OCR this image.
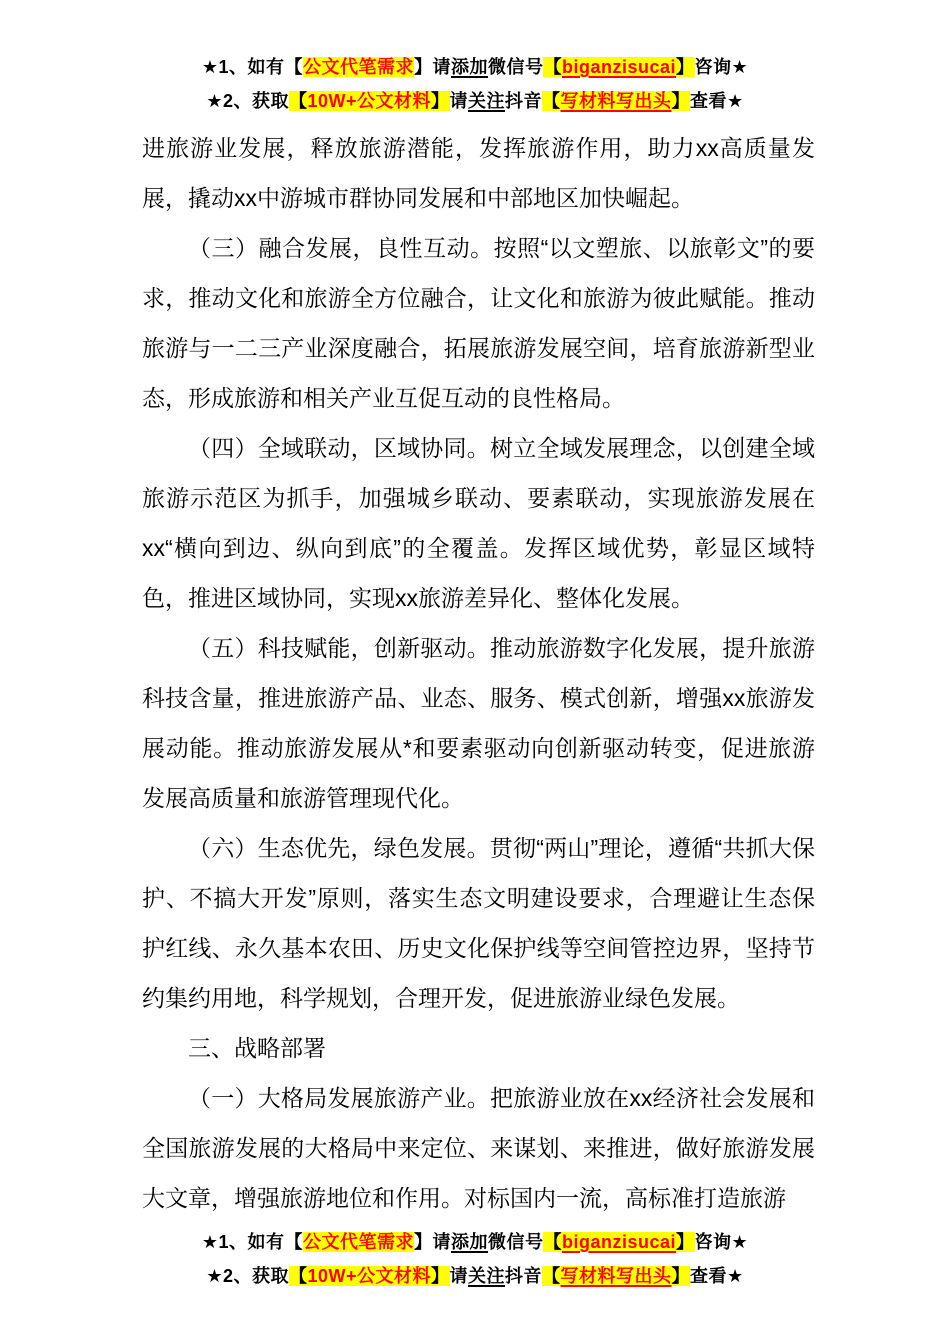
★1、如有【公文代笔需求】请添加微信号【biganzisucai】咨询★
★2、获取【10W+公文材料】请关注抖音【写材料写出头】查看★

进旅游业发展，释放旅游潜能，发挥旅游作用，助力xx高质量发展，撬动xx中游城市群协同发展和中部地区加快崛起。

（三）融合发展，良性互动。按照“以文塑旅、以旅彰文”的要求，推动文化和旅游全方位融合，让文化和旅游为彼此赋能。推动旅游与一二三产业深度融合，拓展旅游发展空间，培育旅游新型业态，形成旅游和相关产业互促互动的良性格局。

（四）全域联动，区域协同。树立全域发展理念，以创建全域旅游示范区为抓手，加强城乡联动、要素联动，实现旅游发展在xx“横向到边、纵向到底”的全覆盖。发挥区域优势，彰显区域特色，推进区域协同，实现xx旅游差异化、整体化发展。

（五）科技赋能，创新驱动。推动旅游数字化发展，提升旅游科技含量，推进旅游产品、业态、服务、模式创新，增强xx旅游发展动能。推动旅游发展从*和要素驱动向创新驱动转变，促进旅游发展高质量和旅游管理现代化。

（六）生态优先，绿色发展。贯彻“两山”理论，遵循“共抓大保护、不搞大开发”原则，落实生态文明建设要求，合理避让生态保护红线、永久基本农田、历史文化保护线等空间管控边界，坚持节约集约用地，科学规划，合理开发，促进旅游业绿色发展。

三、战略部署

（一）大格局发展旅游产业。把旅游业放在xx经济社会发展和全国旅游发展的大格局中来定位、来谋划、来推进，做好旅游发展大文章，增强旅游地位和作用。对标国内一流，高标准打造旅游

★1、如有【公文代笔需求】请添加微信号【biganzisucai】咨询★
★2、获取【10W+公文材料】请关注抖音【写材料写出头】查看★
